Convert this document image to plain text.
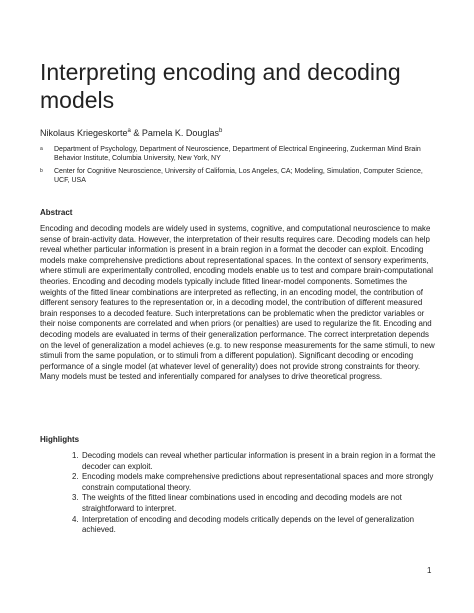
Interpreting encoding and decoding models
Nikolaus Kriegeskorte$^a$ & Pamela K. Douglas$^b$
a Department of Psychology, Department of Neuroscience, Department of Electrical Engineering, Zuckerman Mind Brain Behavior Institute, Columbia University, New York, NY
b Center for Cognitive Neuroscience, University of California, Los Angeles, CA; Modeling, Simulation, Computer Science, UCF, USA
Abstract

Encoding and decoding models are widely used in systems, cognitive, and computational neuroscience to make sense of brain-activity data. However, the interpretation of their results requires care. Decoding models can help reveal whether particular information is present in a brain region in a format the decoder can exploit. Encoding models make comprehensive predictions about representational spaces. In the context of sensory experiments, where stimuli are experimentally controlled, encoding models enable us to test and compare brain-computational theories. Encoding and decoding models typically include fitted linear-model components. Sometimes the weights of the fitted linear combinations are interpreted as reflecting, in an encoding model, the contribution of different sensory features to the representation or, in a decoding model, the contribution of different measured brain responses to a decoded feature. Such interpretations can be problematic when the predictor variables or their noise components are correlated and when priors (or penalties) are used to regularize the fit. Encoding and decoding models are evaluated in terms of their generalization performance. The correct interpretation depends on the level of generalization a model achieves (e.g. to new response measurements for the same stimuli, to new stimuli from the same population, or to stimuli from a different population). Significant decoding or encoding performance of a single model (at whatever level of generality) does not provide strong constraints for theory. Many models must be tested and inferentially compared for analyses to drive theoretical progress.

Highlights
1. Decoding models can reveal whether particular information is present in a brain region in a format the decoder can exploit.
2. Encoding models make comprehensive predictions about representational spaces and more strongly constrain computational theory.
3. The weights of the fitted linear combinations used in encoding and decoding models are not straightforward to interpret.
4. Interpretation of encoding and decoding models critically depends on the level of generalization achieved.
1
